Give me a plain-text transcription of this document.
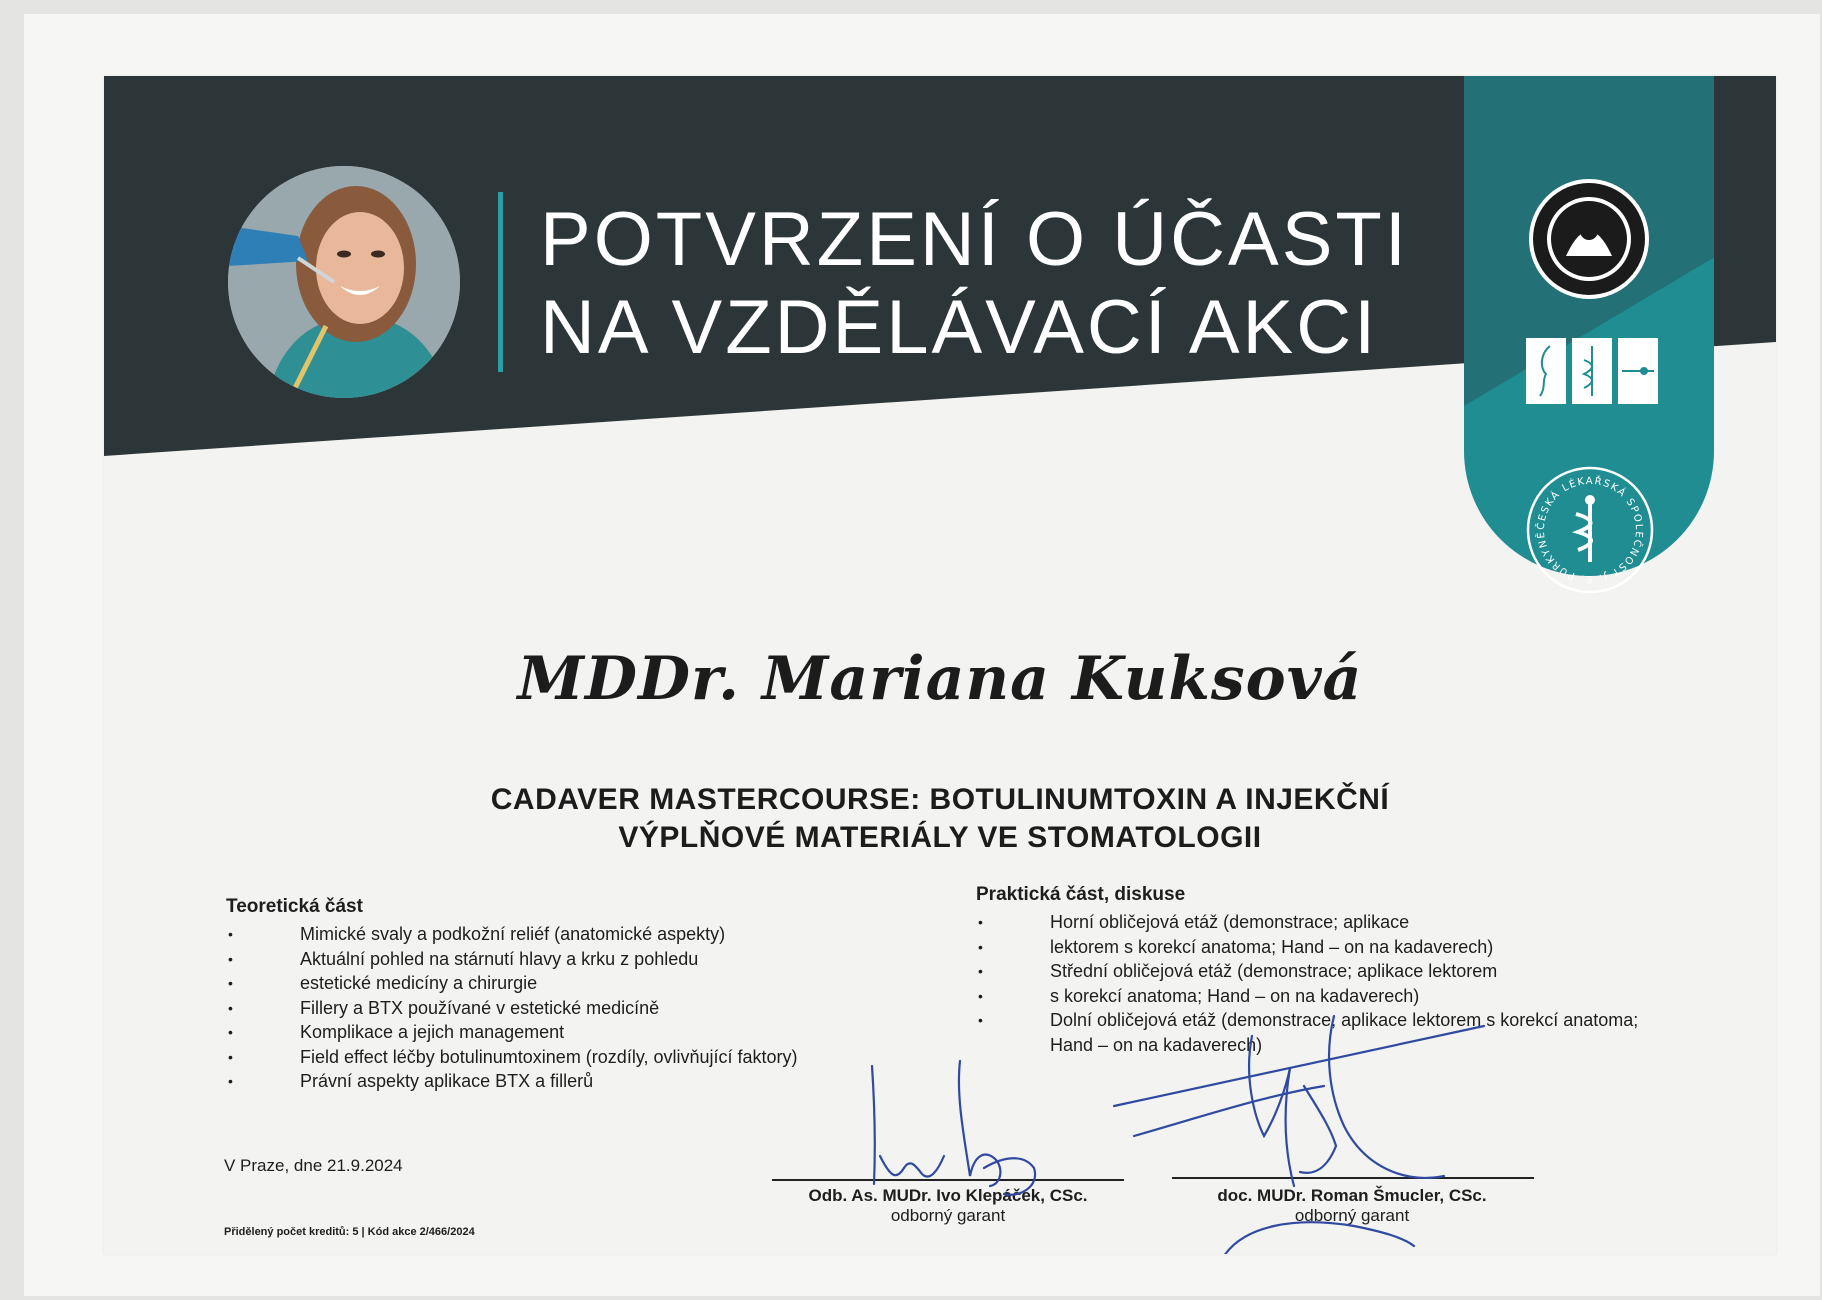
POTVRZENÍ O ÚČASTI
NA VZDĚLÁVACÍ AKCI
ČESKÁ LÉKAŘSKÁ SPOLEČNOST J. E. PURKYNĚ
MDDr. Mariana Kuksová
CADAVER MASTERCOURSE: BOTULINUMTOXIN A INJEKČNÍ
VÝPLŇOVÉ MATERIÁLY VE STOMATOLOGII
Teoretická část
• Mimické svaly a podkožní reliéf (anatomické aspekty)
• Aktuální pohled na stárnutí hlavy a krku z pohledu
• estetické medicíny a chirurgie
• Fillery a BTX používané v estetické medicíně
• Komplikace a jejich management
• Field effect léčby botulinumtoxinem (rozdíly, ovlivňující faktory)
• Právní aspekty aplikace BTX a fillerů
Praktická část, diskuse
• Horní obličejová etáž (demonstrace; aplikace
• lektorem s korekcí anatoma; Hand – on na kadaverech)
• Střední obličejová etáž (demonstrace; aplikace lektorem
• s korekcí anatoma; Hand – on na kadaverech)
• Dolní obličejová etáž (demonstrace; aplikace lektorem s korekcí anatoma;
Hand – on na kadaverech)
V Praze, dne 21.9.2024
Přidělený počet kreditů: 5 | Kód akce 2/466/2024
Odb. As. MUDr. Ivo Klepáček, CSc.
odborný garant
doc. MUDr. Roman Šmucler, CSc.
odborný garant
